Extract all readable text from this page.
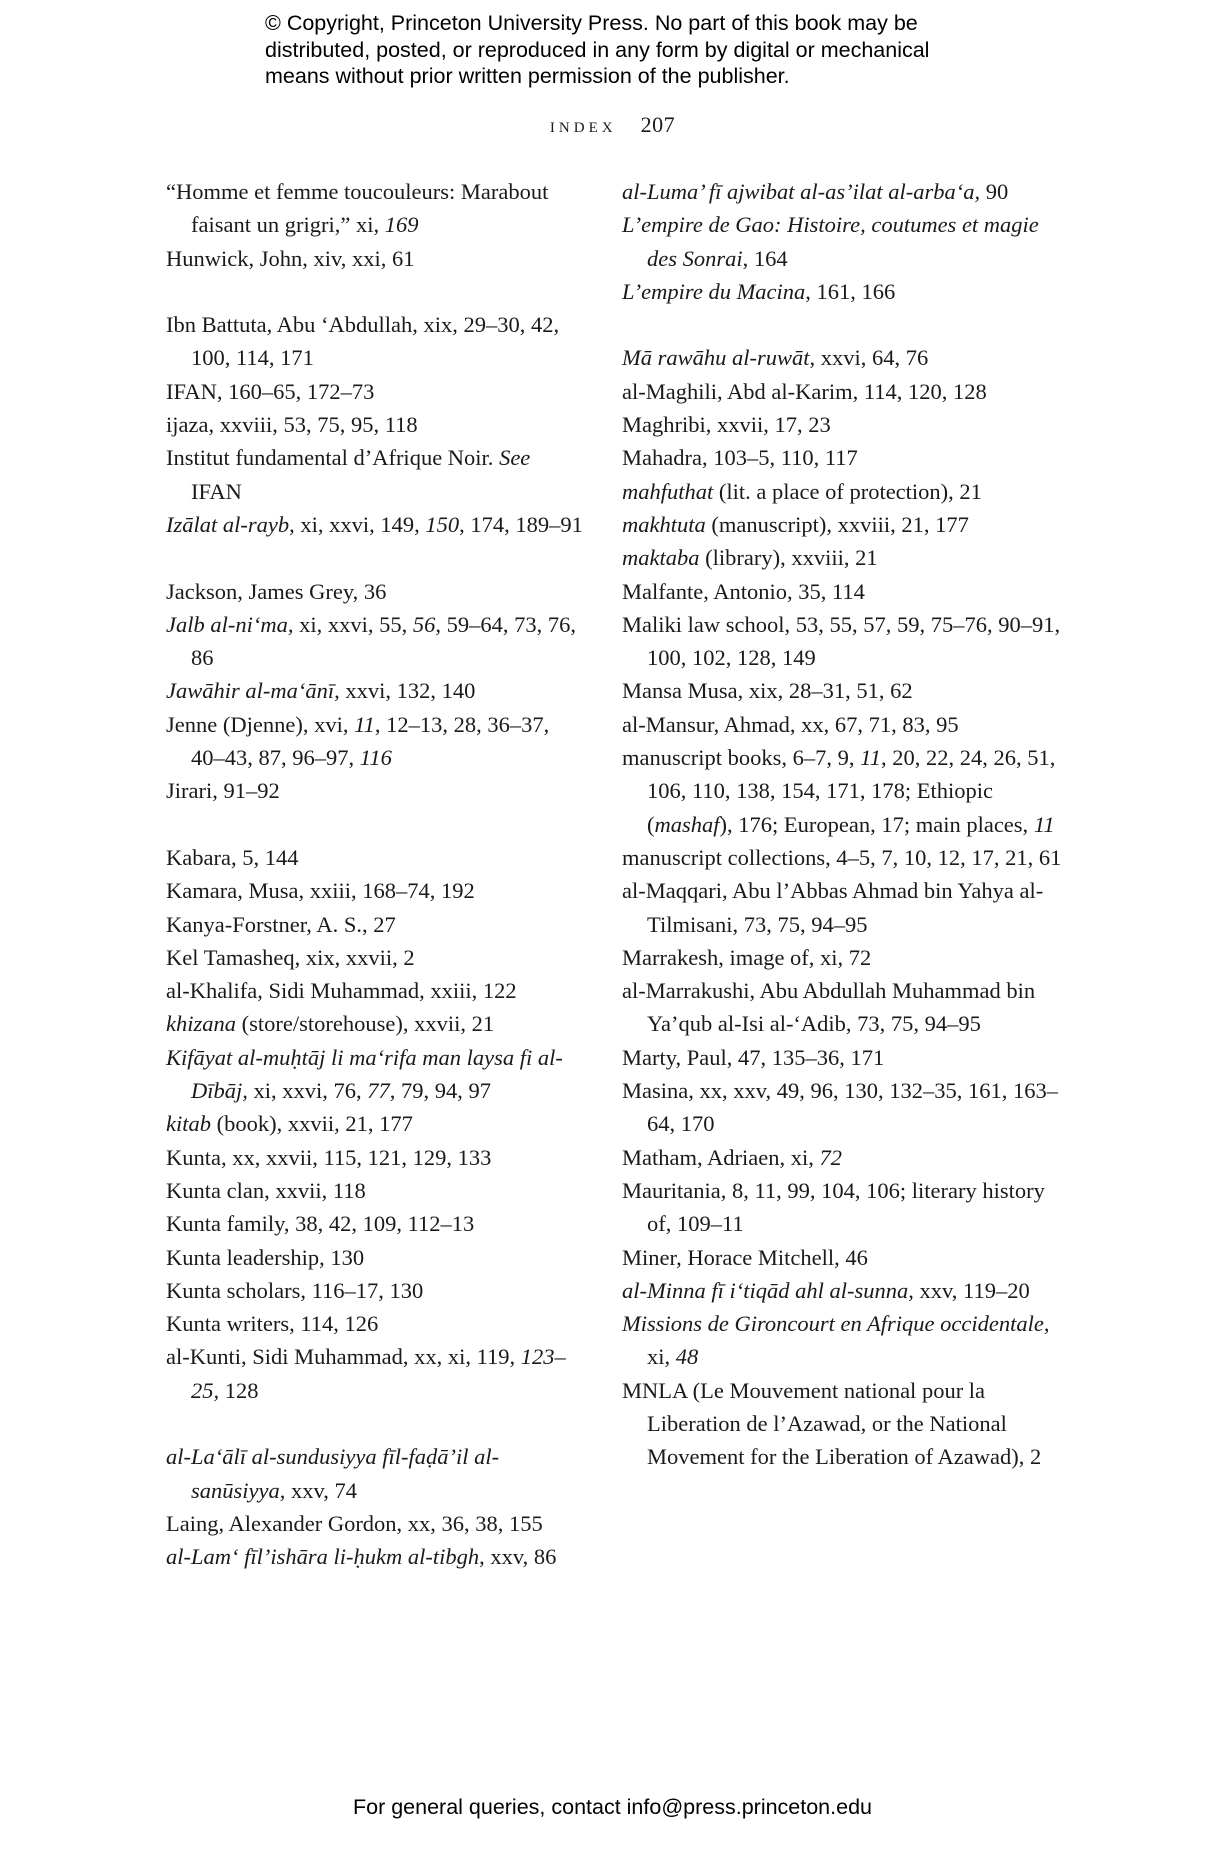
© Copyright, Princeton University Press. No part of this book may be
distributed, posted, or reproduced in any form by digital or mechanical
means without prior written permission of the publisher.
index 207

“Homme et femme toucouleurs: Marabout faisant un grigri,” xi, 169

Hunwick, John, xiv, xxi, 61

Ibn Battuta, Abu ‘Abdullah, xix, 29–30, 42, 100, 114, 171

IFAN, 160–65, 172–73

ijaza, xxviii, 53, 75, 95, 118

Institut fundamental d’Afrique Noir. See IFAN

Izālat al-rayb, xi, xxvi, 149, 150, 174, 189–91

Jackson, James Grey, 36

Jalb al-ni‘ma, xi, xxvi, 55, 56, 59–64, 73, 76, 86

Jawāhir al-ma‘ānī, xxvi, 132, 140

Jenne (Djenne), xvi, 11, 12–13, 28, 36–37, 40–43, 87, 96–97, 116

Jirari, 91–92

Kabara, 5, 144

Kamara, Musa, xxiii, 168–74, 192

Kanya-Forstner, A. S., 27

Kel Tamasheq, xix, xxvii, 2

al-Khalifa, Sidi Muhammad, xxiii, 122

khizana (store/storehouse), xxvii, 21

Kifāyat al-muḥtāj li ma‘rifa man laysa fi al-Dībāj, xi, xxvi, 76, 77, 79, 94, 97

kitab (book), xxvii, 21, 177

Kunta, xx, xxvii, 115, 121, 129, 133

Kunta clan, xxvii, 118

Kunta family, 38, 42, 109, 112–13

Kunta leadership, 130

Kunta scholars, 116–17, 130

Kunta writers, 114, 126

al-Kunti, Sidi Muhammad, xx, xi, 119, 123–25, 128

al-La‘ālī al-sundusiyya fīl-faḍā’il al-sanūsiyya, xxv, 74

Laing, Alexander Gordon, xx, 36, 38, 155

al-Lam‘ fīl’ishāra li-ḥukm al-tibgh, xxv, 86

al-Luma’ fī ajwibat al-as’ilat al-arba‘a, 90

L’empire de Gao: Histoire, coutumes et magie des Sonrai, 164

L’empire du Macina, 161, 166

Mā rawāhu al-ruwāt, xxvi, 64, 76

al-Maghili, Abd al-Karim, 114, 120, 128

Maghribi, xxvii, 17, 23

Mahadra, 103–5, 110, 117

mahfuthat (lit. a place of protection), 21

makhtuta (manuscript), xxviii, 21, 177

maktaba (library), xxviii, 21

Malfante, Antonio, 35, 114

Maliki law school, 53, 55, 57, 59, 75–76, 90–91, 100, 102, 128, 149

Mansa Musa, xix, 28–31, 51, 62

al-Mansur, Ahmad, xx, 67, 71, 83, 95

manuscript books, 6–7, 9, 11, 20, 22, 24, 26, 51, 106, 110, 138, 154, 171, 178; Ethiopic (mashaf), 176; European, 17; main places, 11

manuscript collections, 4–5, 7, 10, 12, 17, 21, 61

al-Maqqari, Abu l’Abbas Ahmad bin Yahya al-Tilmisani, 73, 75, 94–95

Marrakesh, image of, xi, 72

al-Marrakushi, Abu Abdullah Muhammad bin Ya’qub al-Isi al-‘Adib, 73, 75, 94–95

Marty, Paul, 47, 135–36, 171

Masina, xx, xxv, 49, 96, 130, 132–35, 161, 163–64, 170

Matham, Adriaen, xi, 72

Mauritania, 8, 11, 99, 104, 106; literary history of, 109–11

Miner, Horace Mitchell, 46

al-Minna fī i‘tiqād ahl al-sunna, xxv, 119–20

Missions de Gironcourt en Afrique occidentale, xi, 48

MNLA (Le Mouvement national pour la Liberation de l’Azawad, or the National Movement for the Liberation of Azawad), 2

For general queries, contact info@press.princeton.edu
